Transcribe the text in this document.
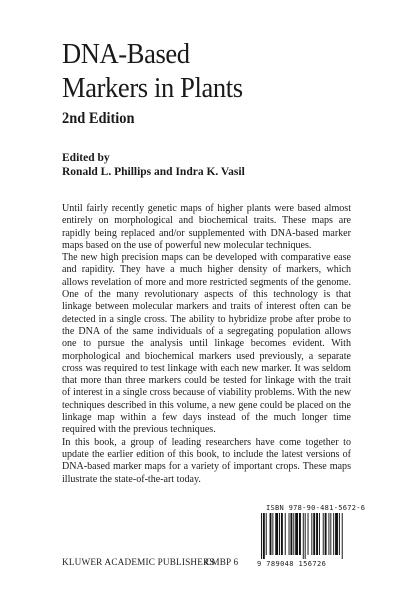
DNA-Based
Markers in Plants
2nd Edition
Edited by
Ronald L. Phillips and Indra K. Vasil

Until fairly recently genetic maps of higher plants were based almost entirely on morphological and biochemical traits. These maps are rapidly being replaced and/or supplemented with DNA-based marker maps based on the use of powerful new molecular techniques.

The new high precision maps can be developed with comparative ease and rapidity. They have a much higher density of markers, which allows revelation of more and more restricted segments of the genome. One of the many revolutionary aspects of this technology is that linkage between molecular markers and traits of interest often can be detected in a single cross. The ability to hybridize probe after probe to the DNA of the same individuals of a segregating population allows one to pursue the analysis until linkage becomes evident. With morphological and biochemical markers used previously, a separate cross was required to test linkage with each new marker. It was seldom that more than three markers could be tested for linkage with the trait of interest in a single cross because of viability problems. With the new techniques described in this volume, a new gene could be placed on the linkage map within a few days instead of the much longer time required with the previous techniques.

In this book, a group of leading researchers have come together to update the earlier edition of this book, to include the latest versions of DNA-based marker maps for a variety of important crops. These maps illustrate the state-of-the-art today.

ISBN 978-90-481-5672-6
9 789048 156726
KLUWER ACADEMIC PUBLISHERS
CMBP 6
